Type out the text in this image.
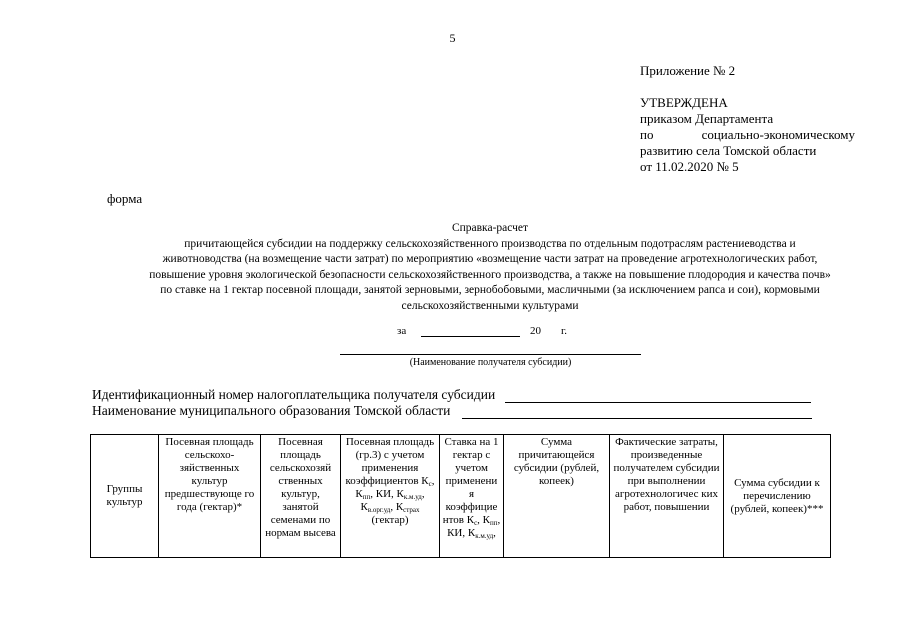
5
Приложение № 2
УТВЕРЖДЕНА
приказом Департамента
по	социально-экономическому
развитию села Томской области
от 11.02.2020 № 5
форма
Справка-расчет
причитающейся субсидии на поддержку сельскохозяйственного производства по отдельным подотраслям растениеводства и
животноводства (на возмещение части затрат) по мероприятию «возмещение части затрат на проведение агротехнологических работ,
повышение уровня экологической безопасности сельскохозяйственного производства, а также на повышение плодородия и качества почв»
по ставке на 1 гектар посевной площади, занятой зерновыми, зернобобовыми, масличными (за исключением рапса и сои), кормовыми
сельскохозяйственными культурами
за	20 г.
(Наименование получателя субсидии)
Идентификационный номер налогоплательщика получателя субсидии
Наименование муниципального образования Томской области
Группы культур	Посевная площадь сельскохо-зяйственных культур предшествующе го года (гектар)*	Посевная площадь сельскохозяй ственных культур, занятой семенами по нормам высева	Посевная площадь (гр.3) с учетом применения коэффициентов $К_с$, $К_{пп}$, КИ, $К_{к.м.уд}$, $К_{в.орг.уд}$, $К_{страх}$ (гектар)	Ставка на 1 гектар с учетом применени я коэффицие нтов $К_с$, $К_{пп}$, КИ, $К_{к.м.уд}$,	Сумма причитающейся субсидии (рублей, копеек)	Фактические затраты, произведенные получателем субсидии при выполнении агротехнологичес ких работ, повышении	Сумма субсидии к перечислению (рублей, копеек)***
